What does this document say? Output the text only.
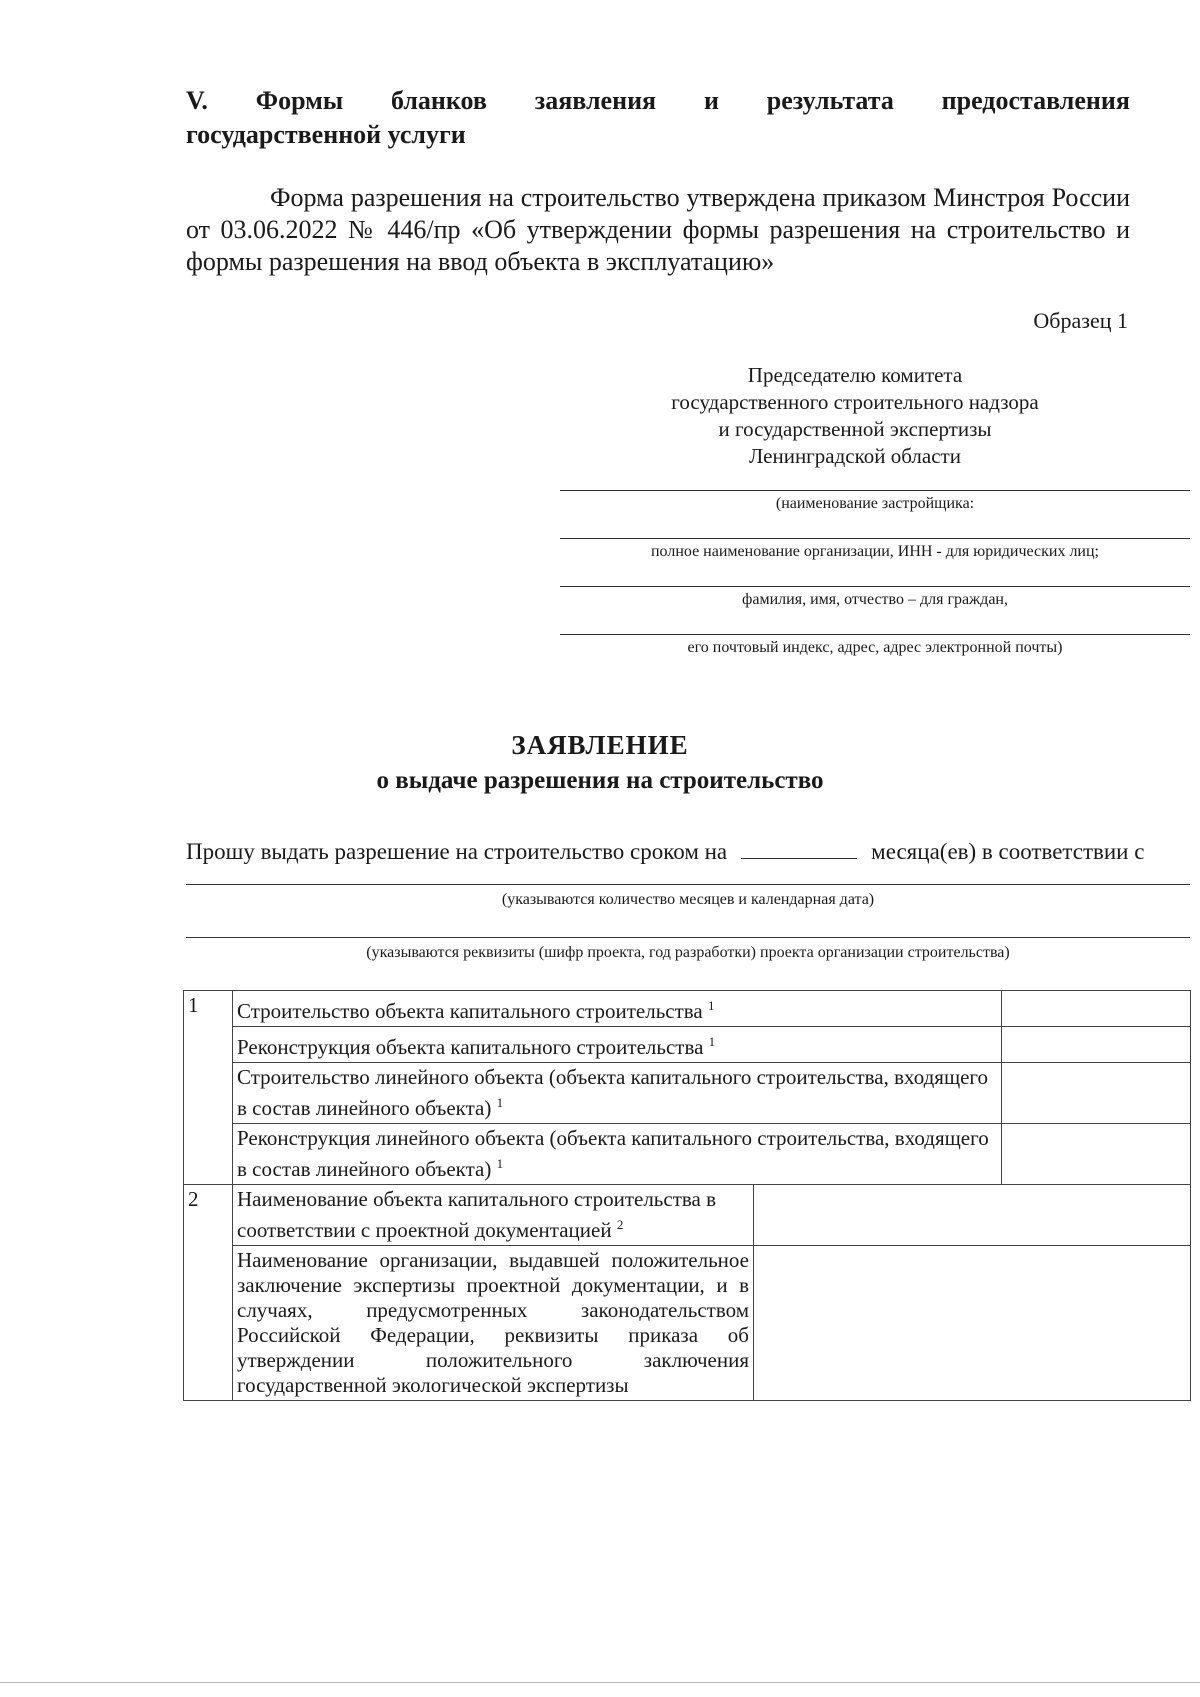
V. Формы бланков заявления и результата предоставления
государственной услуги
Форма разрешения на строительство утверждена приказом Минстроя России от 03.06.2022 № 446/пр «Об утверждении формы разрешения на строительство и формы разрешения на ввод объекта в эксплуатацию»
Образец 1
Председателю комитета
государственного строительного надзора
и государственной экспертизы
Ленинградской области
(наименование застройщика:
полное наименование организации, ИНН - для юридических лиц;
фамилия, имя, отчество – для граждан,
его почтовый индекс, адрес, адрес электронной почты)
ЗАЯВЛЕНИЕ
о выдаче разрешения на строительство
Прошу выдать разрешение на строительство сроком на	месяца(ев) в соответствии с
(указываются количество месяцев и календарная дата)
(указываются реквизиты (шифр проекта, год разработки) проекта организации строительства)
1	Строительство объекта капитального строительства $^1$	
	Реконструкция объекта капитального строительства $^1$	
	Строительство линейного объекта (объекта капитального строительства, входящего в состав линейного объекта) $^1$	
	Реконструкция линейного объекта (объекта капитального строительства, входящего в состав линейного объекта) $^1$	
2	Наименование объекта капитального строительства в соответствии с проектной документацией $^2$	
	Наименование организации, выдавшей положительное заключение экспертизы проектной документации, и в случаях, предусмотренных законодательством Российской Федерации, реквизиты приказа об утверждении положительного заключения государственной экологической экспертизы		
